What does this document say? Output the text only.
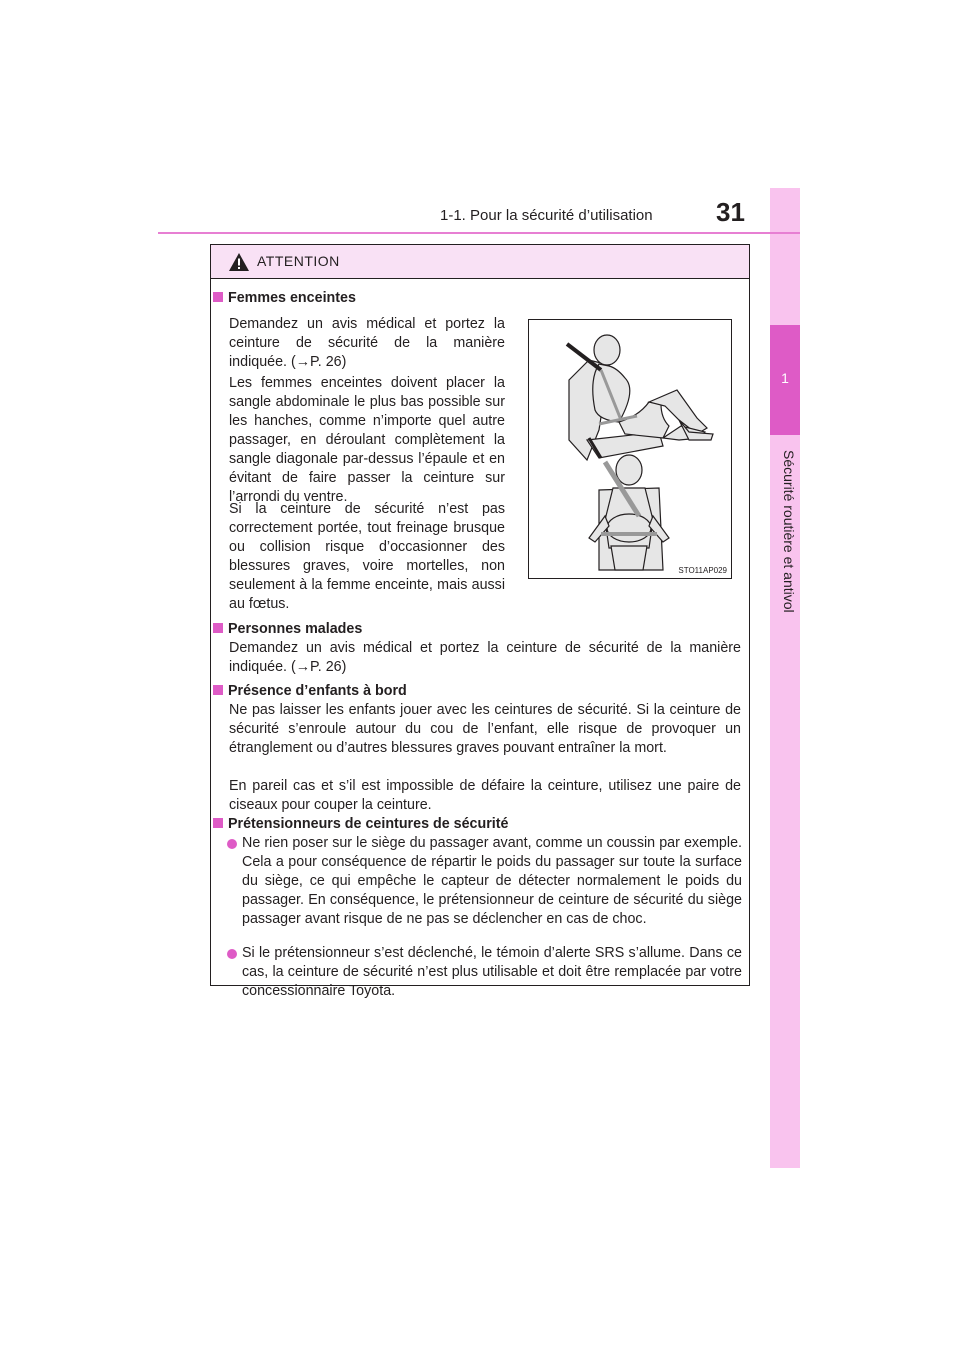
1
Sécurité routière et antivol
1-1. Pour la sécurité d’utilisation	31
ATTENTION
Femmes enceintes
Demandez un avis médical et portez la ceinture de sécurité de la manière indiquée. (→P. 26)
Les femmes enceintes doivent placer la sangle abdominale le plus bas possible sur les hanches, comme n’importe quel autre passager, en déroulant complètement la sangle diagonale par-dessus l’épaule et en évitant de faire passer la ceinture sur l’arrondi du ventre.
Si la ceinture de sécurité n’est pas correctement portée, tout freinage brusque ou collision risque d’occasionner des blessures graves, voire mortelles, non seulement à la femme enceinte, mais aussi au fœtus.
STO11AP029
Personnes malades
Demandez un avis médical et portez la ceinture de sécurité de la manière indiquée. (→P. 26)
Présence d’enfants à bord
Ne pas laisser les enfants jouer avec les ceintures de sécurité. Si la ceinture de sécurité s’enroule autour du cou de l’enfant, elle risque de provoquer un étranglement ou d’autres blessures graves pouvant entraîner la mort.
En pareil cas et s’il est impossible de défaire la ceinture, utilisez une paire de ciseaux pour couper la ceinture.
Prétensionneurs de ceintures de sécurité
Ne rien poser sur le siège du passager avant, comme un coussin par exemple. Cela a pour conséquence de répartir le poids du passager sur toute la surface du siège, ce qui empêche le capteur de détecter normalement le poids du passager. En conséquence, le prétensionneur de ceinture de sécurité du siège passager avant risque de ne pas se déclencher en cas de choc.
Si le prétensionneur s’est déclenché, le témoin d’alerte SRS s’allume. Dans ce cas, la ceinture de sécurité n’est plus utilisable et doit être remplacée par votre concessionnaire Toyota.
